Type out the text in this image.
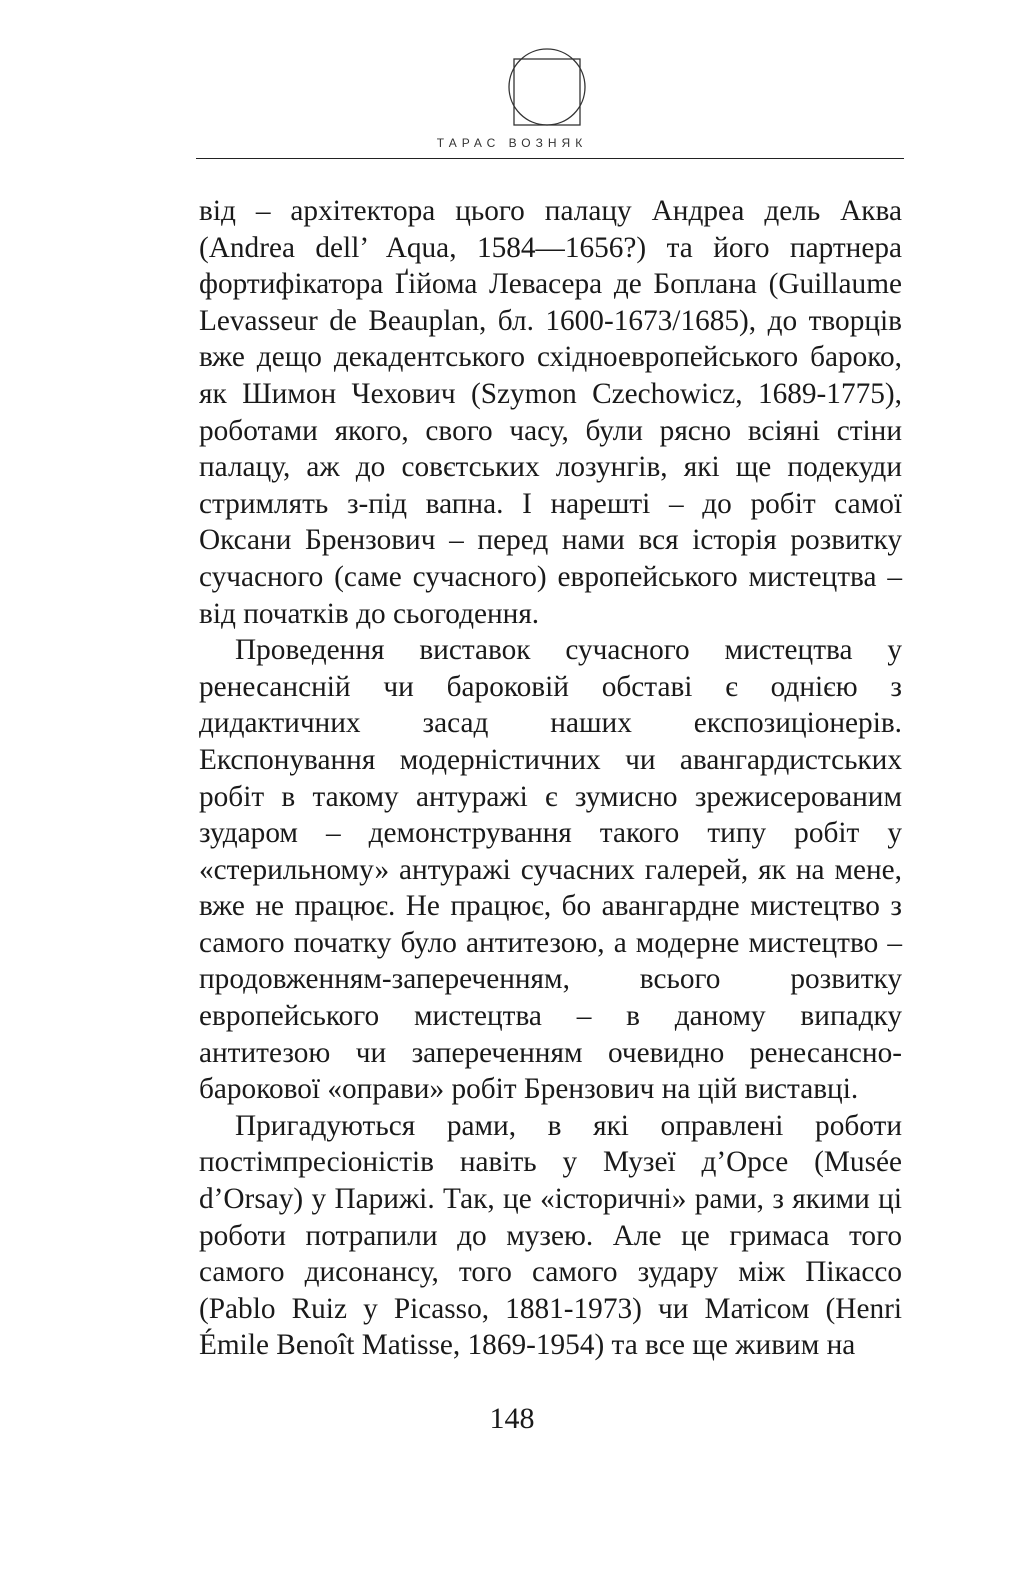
ТАРАС ВОЗНЯК

від – архітектора цього палацу Андреа дель Аква (Andrea dell’ Aqua, 1584—1656?) та його партнера фортифікатора Ґійома Левасера де Боплана (Guillaume Levasseur de Beauplan, бл. 1600-1673/1685), до творців вже дещо декадентського східноевропейського бароко, як Шимон Чехович (Szymon Czechowicz, 1689-1775), роботами якого, свого часу, були рясно всіяні стіни палацу, аж до совєтських лозунгів, які ще подекуди стримлять з-під вапна. І нарешті – до робіт самої Оксани Брензович – перед нами вся історія розвитку сучасного (саме сучасного) европейського мистецтва – від початків до сьогодення.

Проведення виставок сучасного мистецтва у ренесансній чи бароковій обставі є однією з дидактичних засад наших експозиціонерів. Експонування модерністичних чи авангардистських робіт в такому антуражі є зумисно зрежисерованим зударом – демонстрування такого типу робіт у «стерильному» антуражі сучасних галерей, як на мене, вже не працює. Не працює, бо авангардне мистецтво з самого початку було антитезою, а модерне мистецтво – продовженням-запереченням, всього розвитку европейського мистецтва – в даному випадку антитезою чи запереченням очевидно ренесансно-барокової «оправи» робіт Брензович на цій виставці.

Пригадуються рами, в які оправлені роботи постімпресіоністів навіть у Музеї д’Орсе (Musée d’Orsay) у Парижі. Так, це «історичні» рами, з якими ці роботи потрапили до музею. Але це гримаса того самого дисонансу, того самого зудару між Пікассо (Pablo Ruiz y Picasso, 1881-1973) чи Матісом (Henri Émile Benoît Matisse, 1869-1954) та все ще живим на

148
